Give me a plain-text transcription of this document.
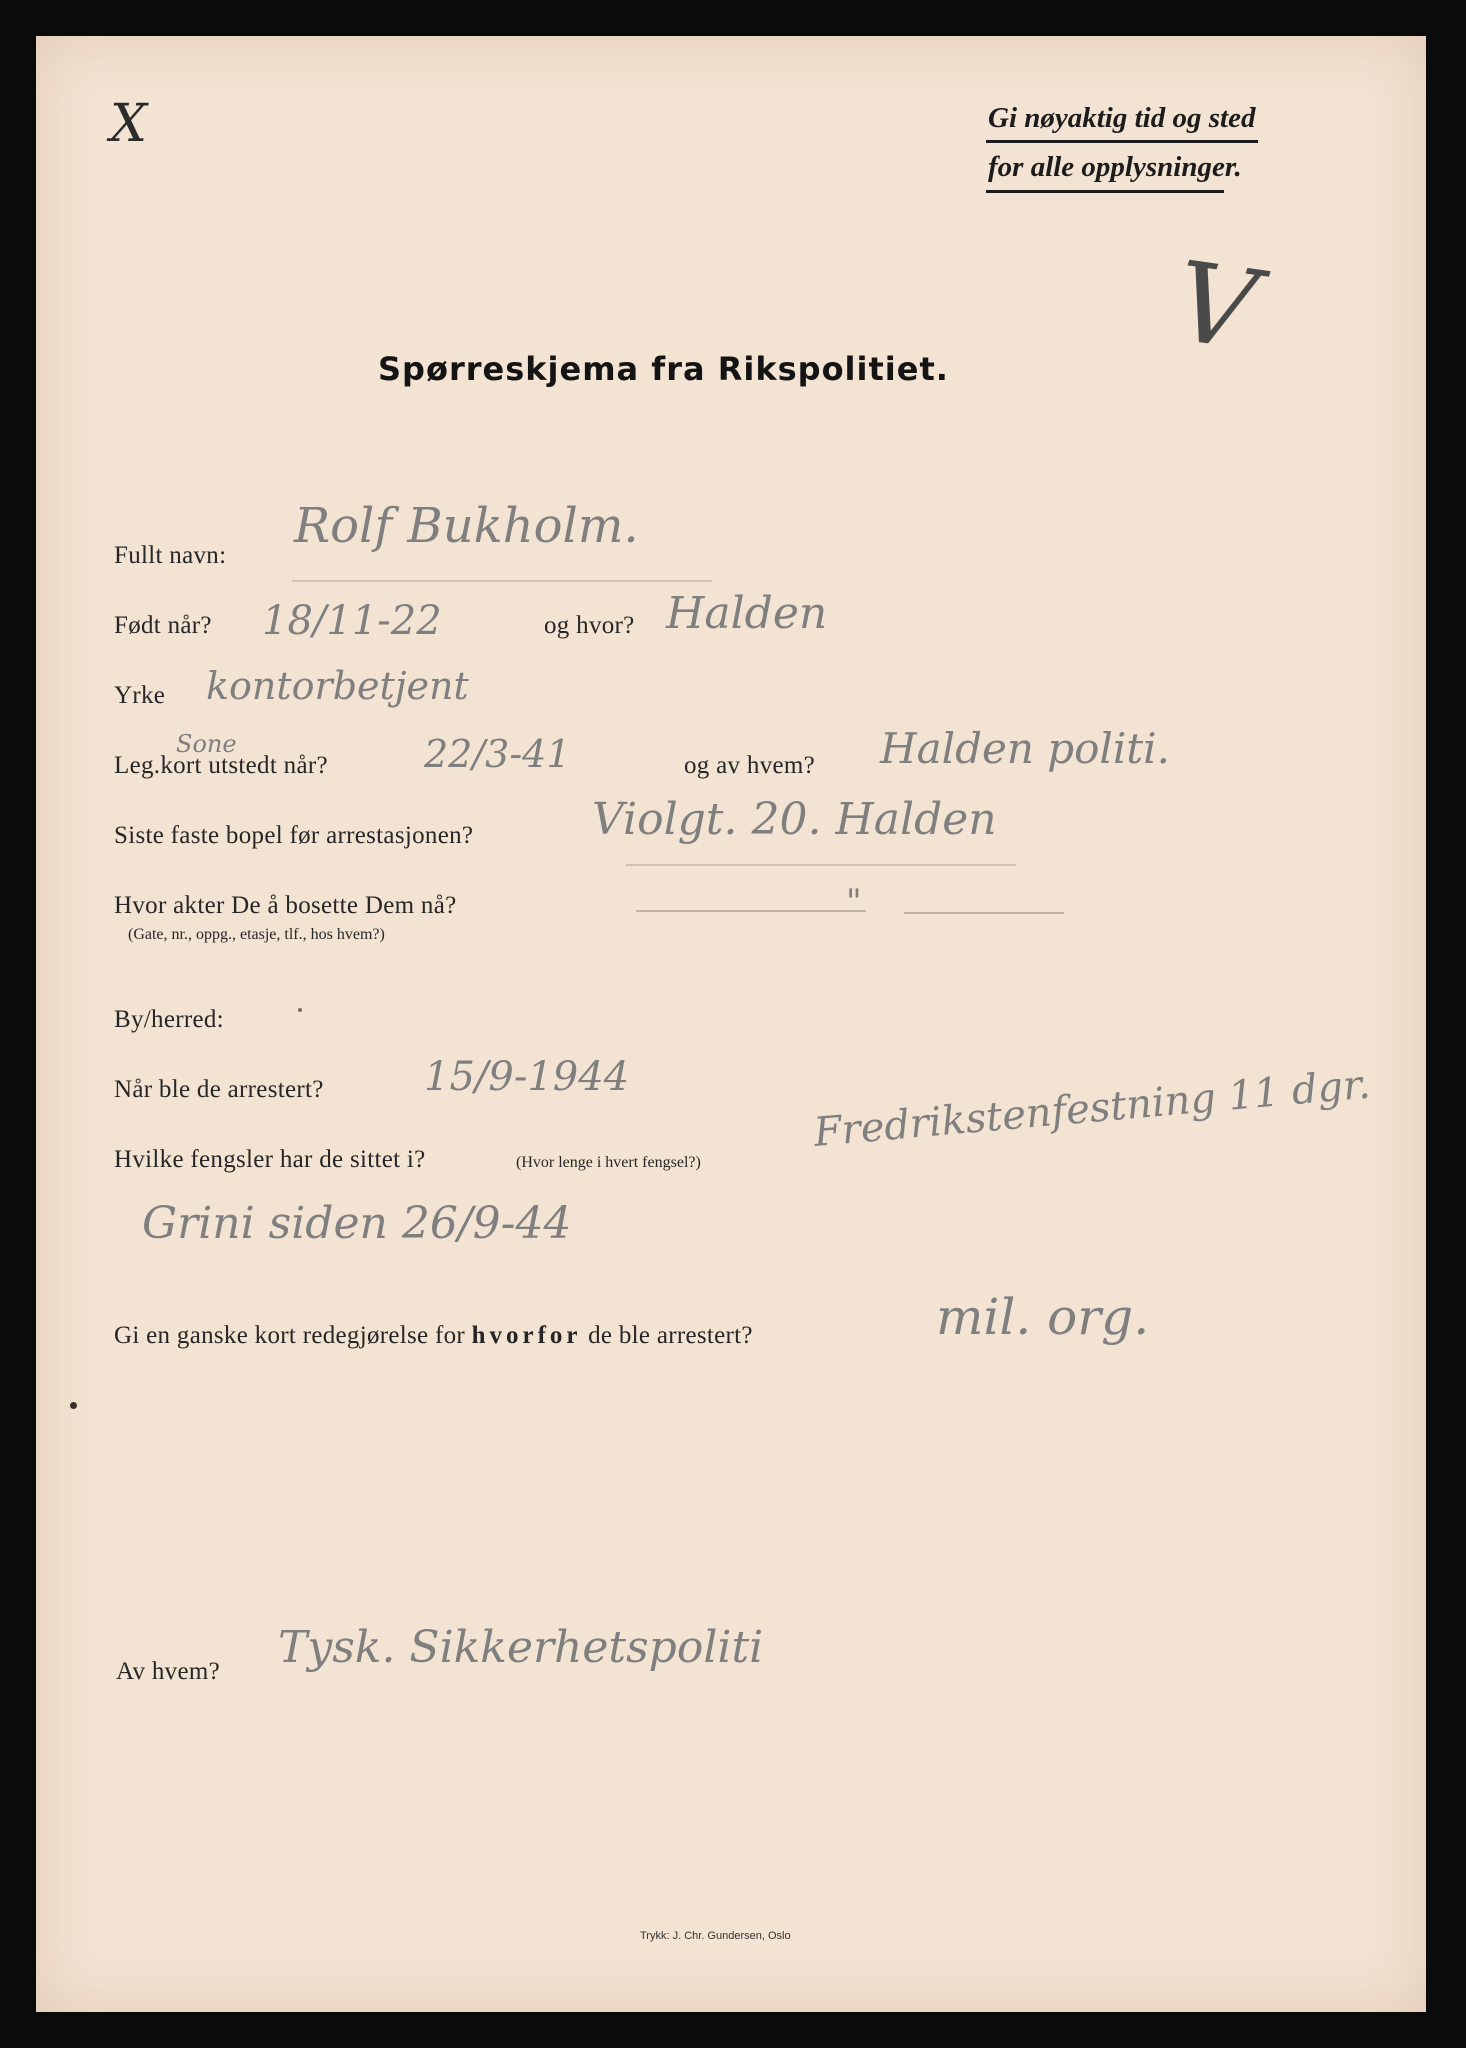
X	Gi nøyaktig tid og sted
for alle opplysninger.
V
Spørreskjema fra Rikspolitiet.
Fullt navn:
Rolf Bukholm.
Født når? 18/11-22	og hvor? Halden
Yrke kontorbetjent
Sone
Leg.kort utstedt når?	22/3-41	og av hvem? Halden politi.
Siste faste bopel før arrestasjonen?	Violgt. 20. Halden
Hvor akter De å bosette Dem nå?
(Gate, nr., oppg., etasje, tlf., hos hvem?)
"
By/herred:
Når ble de arrestert?	15/9-1944
Hvilke fengsler har de sittet i?	(Hvor lenge i hvert fengsel?)
Fredrikstenfestning 11 dgr.
Grini siden 26/9-44
Gi en ganske kort redegjørelse for hvorfor de ble arrestert?	mil. org.
Av hvem? Tysk. Sikkerhetspoliti
Trykk: J. Chr. Gundersen, Oslo
